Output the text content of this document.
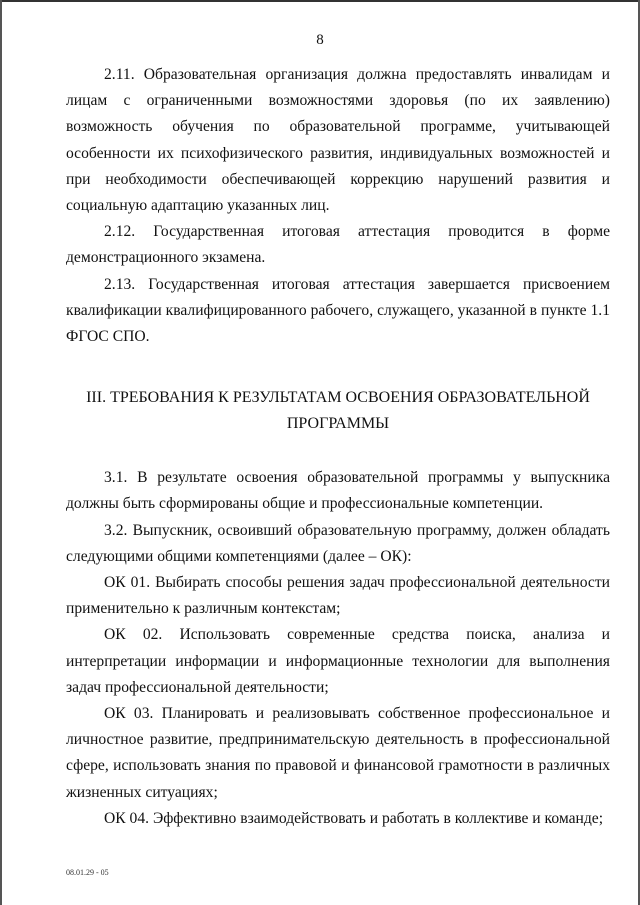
8

2.11. Образовательная организация должна предоставлять инвалидам и лицам с ограниченными возможностями здоровья (по их заявлению) возможность обучения по образовательной программе, учитывающей особенности их психофизического развития, индивидуальных возможностей и при необходимости обеспечивающей коррекцию нарушений развития и социальную адаптацию указанных лиц.

2.12. Государственная итоговая аттестация проводится в форме демонстрационного экзамена.

2.13. Государственная итоговая аттестация завершается присвоением квалификации квалифицированного рабочего, служащего, указанной в пункте 1.1 ФГОС СПО.

III. ТРЕБОВАНИЯ К РЕЗУЛЬТАТАМ ОСВОЕНИЯ ОБРАЗОВАТЕЛЬНОЙ ПРОГРАММЫ

3.1. В результате освоения образовательной программы у выпускника должны быть сформированы общие и профессиональные компетенции.

3.2. Выпускник, освоивший образовательную программу, должен обладать следующими общими компетенциями (далее – ОК):

ОК 01. Выбирать способы решения задач профессиональной деятельности применительно к различным контекстам;

ОК 02. Использовать современные средства поиска, анализа и интерпретации информации и информационные технологии для выполнения задач профессиональной деятельности;

ОК 03. Планировать и реализовывать собственное профессиональное и личностное развитие, предпринимательскую деятельность в профессиональной сфере, использовать знания по правовой и финансовой грамотности в различных жизненных ситуациях;

ОК 04. Эффективно взаимодействовать и работать в коллективе и команде;

08.01.29 - 05
